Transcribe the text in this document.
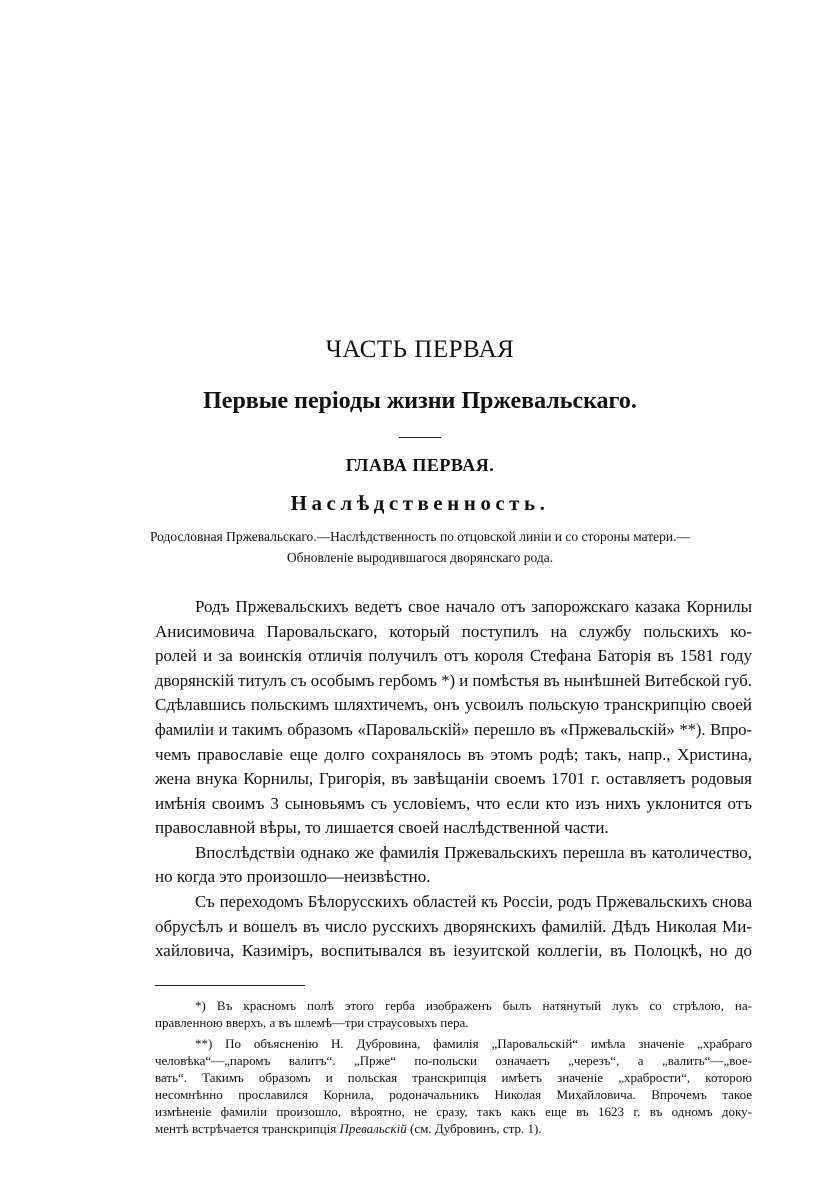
ЧАСТЬ ПЕРВАЯ
Первые періоды жизни Пржевальскаго.
ГЛАВА ПЕРВАЯ.
Наслѣдственность.
Родословная Пржевальскаго.—Наслѣдственность по отцовской линіи и со стороны матери.—
Обновленіе выродившагося дворянскаго рода.
Родъ Пржевальскихъ ведетъ свое начало отъ запорожскаго казака Корнилы
Анисимовича Паровальскаго, который поступилъ на службу польскихъ ко-
ролей и за воинскія отличія получилъ отъ короля Стефана Баторія въ 1581 году
дворянскій титулъ съ особымъ гербомъ *) и помѣстья въ нынѣшней Витебской губ.
Сдѣлавшись польскимъ шляхтичемъ, онъ усвоилъ польскую транскрипцію своей
фамиліи и такимъ образомъ «Паровальскій» перешло въ «Пржевальскій» **). Впро-
чемъ православіе еще долго сохранялось въ этомъ родѣ; такъ, напр., Христина,
жена внука Корнилы, Григорія, въ завѣщаніи своемъ 1701 г. оставляетъ родовыя
имѣнія своимъ 3 сыновьямъ съ условіемъ, что если кто изъ нихъ уклонится отъ
православной вѣры, то лишается своей наслѣдственной части.
Впослѣдствіи однако же фамилія Пржевальскихъ перешла въ католичество,
но когда это произошло—неизвѣстно.
Съ переходомъ Бѣлорусскихъ областей къ Россіи, родъ Пржевальскихъ снова
обрусѣлъ и вошелъ въ число русскихъ дворянскихъ фамилій. Дѣдъ Николая Ми-
хайловича, Казиміръ, воспитывался въ іезуитской коллегіи, въ Полоцкѣ, но до
*) Въ красномъ полѣ этого герба изображенъ былъ натянутый лукъ со стрѣлою, на-
правленною вверхъ, а въ шлемѣ—три страусовыхъ пера.
**) По объясненію Н. Дубровина, фамилія „Паровальскій“ имѣла значеніе „храбраго
человѣка“—„паромъ валитъ“. „Прже“ по-польски означаетъ „черезъ“, а „валить“—„вое-
вать“. Такимъ образомъ и польская транскрипція имѣетъ значеніе „храбрости“, которою
несомнѣнно прославился Корнила, родоначальникъ Николая Михайловича. Впрочемъ такое
измѣненіе фамиліи произошло, вѣроятно, не сразу, такъ какъ еще въ 1623 г. въ одномъ доку-
ментѣ встрѣчается транскрипція Превальскій (см. Дубровинъ, стр. 1).
